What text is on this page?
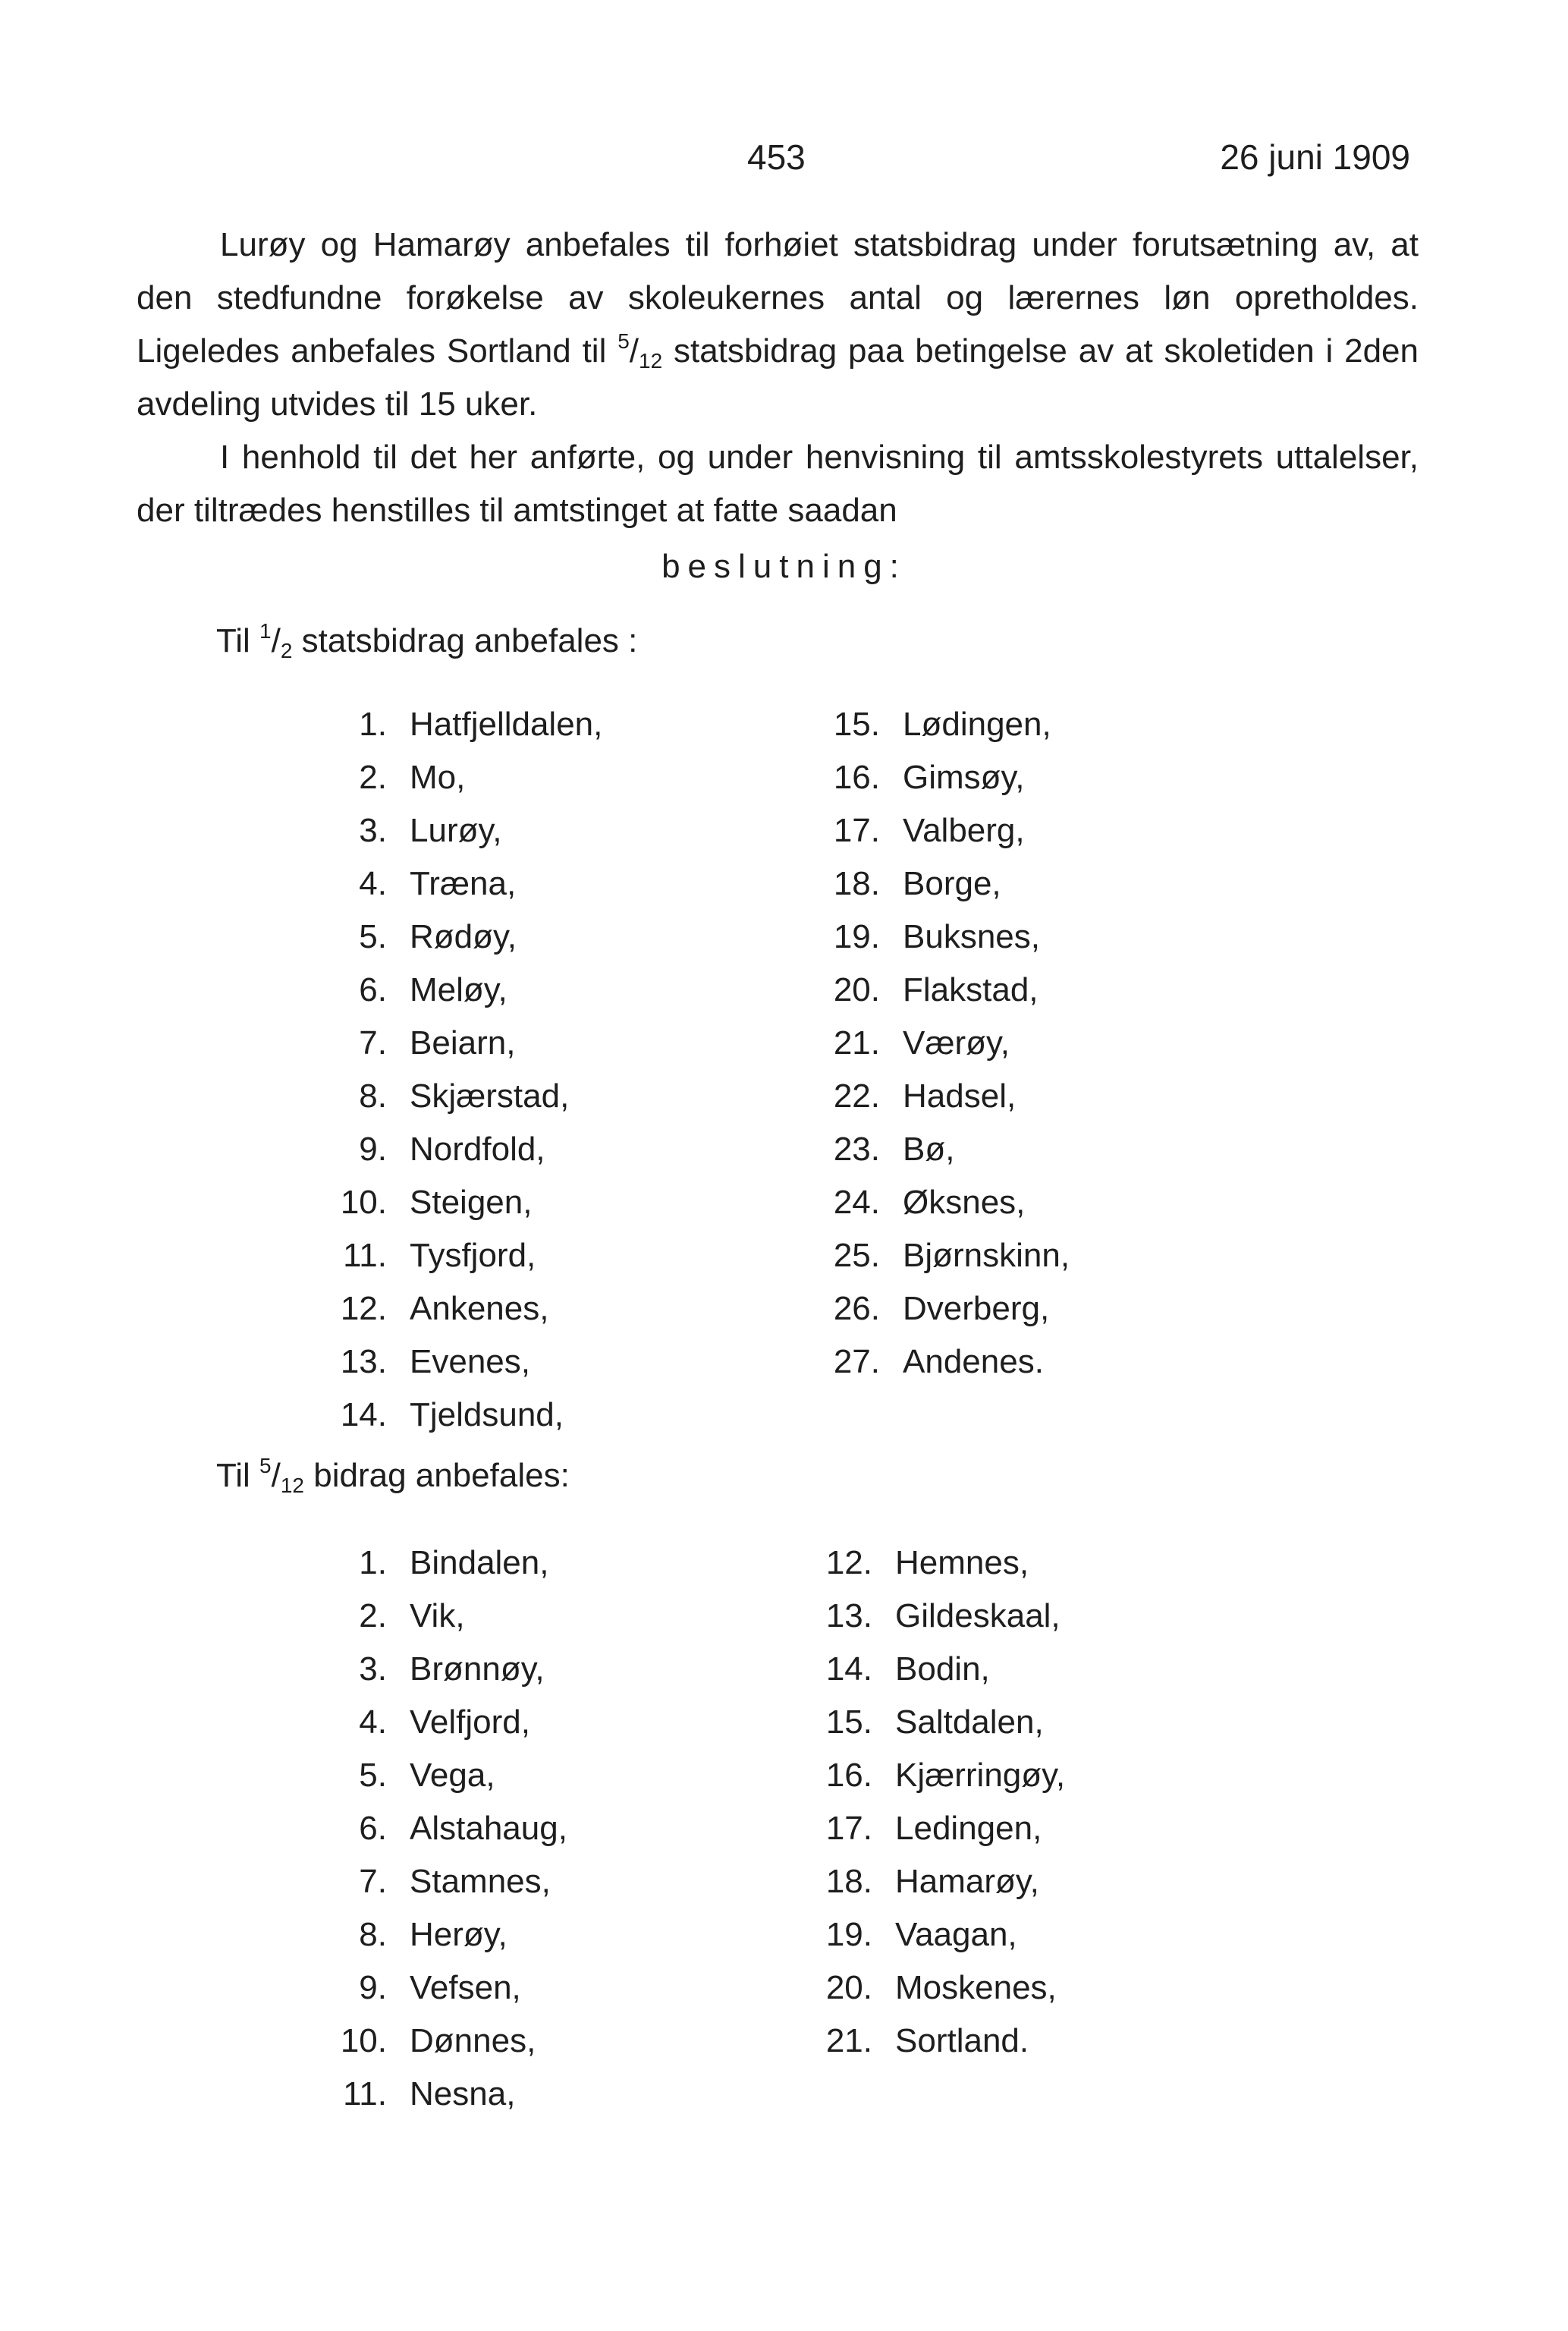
453	26 juni 1909

Lurøy og Hamarøy anbefales til forhøiet statsbidrag under forutsætning av, at den stedfundne forøkelse av skoleukernes antal og lærernes løn opretholdes. Ligeledes anbefales Sortland til $^5/_{12}$ statsbidrag paa betingelse av at skoletiden i 2den avdeling utvides til 15 uker.

I henhold til det her anførte, og under henvisning til amtsskolestyrets uttalelser, der tiltrædes henstilles til amtstinget at fatte saadan

beslutning:
Til $^1/_2$ statsbidrag anbefales :
1. Hatfjelldalen,
2. Mo,
3. Lurøy,
4. Træna,
5. Rødøy,
6. Meløy,
7. Beiarn,
8. Skjærstad,
9. Nordfold,
10. Steigen,
11. Tysfjord,
12. Ankenes,
13. Evenes,
14. Tjeldsund,
15. Lødingen,
16. Gimsøy,
17. Valberg,
18. Borge,
19. Buksnes,
20. Flakstad,
21. Værøy,
22. Hadsel,
23. Bø,
24. Øksnes,
25. Bjørnskinn,
26. Dverberg,
27. Andenes.
Til $^5/_{12}$ bidrag anbefales:
1. Bindalen,
2. Vik,
3. Brønnøy,
4. Velfjord,
5. Vega,
6. Alstahaug,
7. Stamnes,
8. Herøy,
9. Vefsen,
10. Dønnes,
11. Nesna,
12. Hemnes,
13. Gildeskaal,
14. Bodin,
15. Saltdalen,
16. Kjærringøy,
17. Ledingen,
18. Hamarøy,
19. Vaagan,
20. Moskenes,
21. Sortland.
